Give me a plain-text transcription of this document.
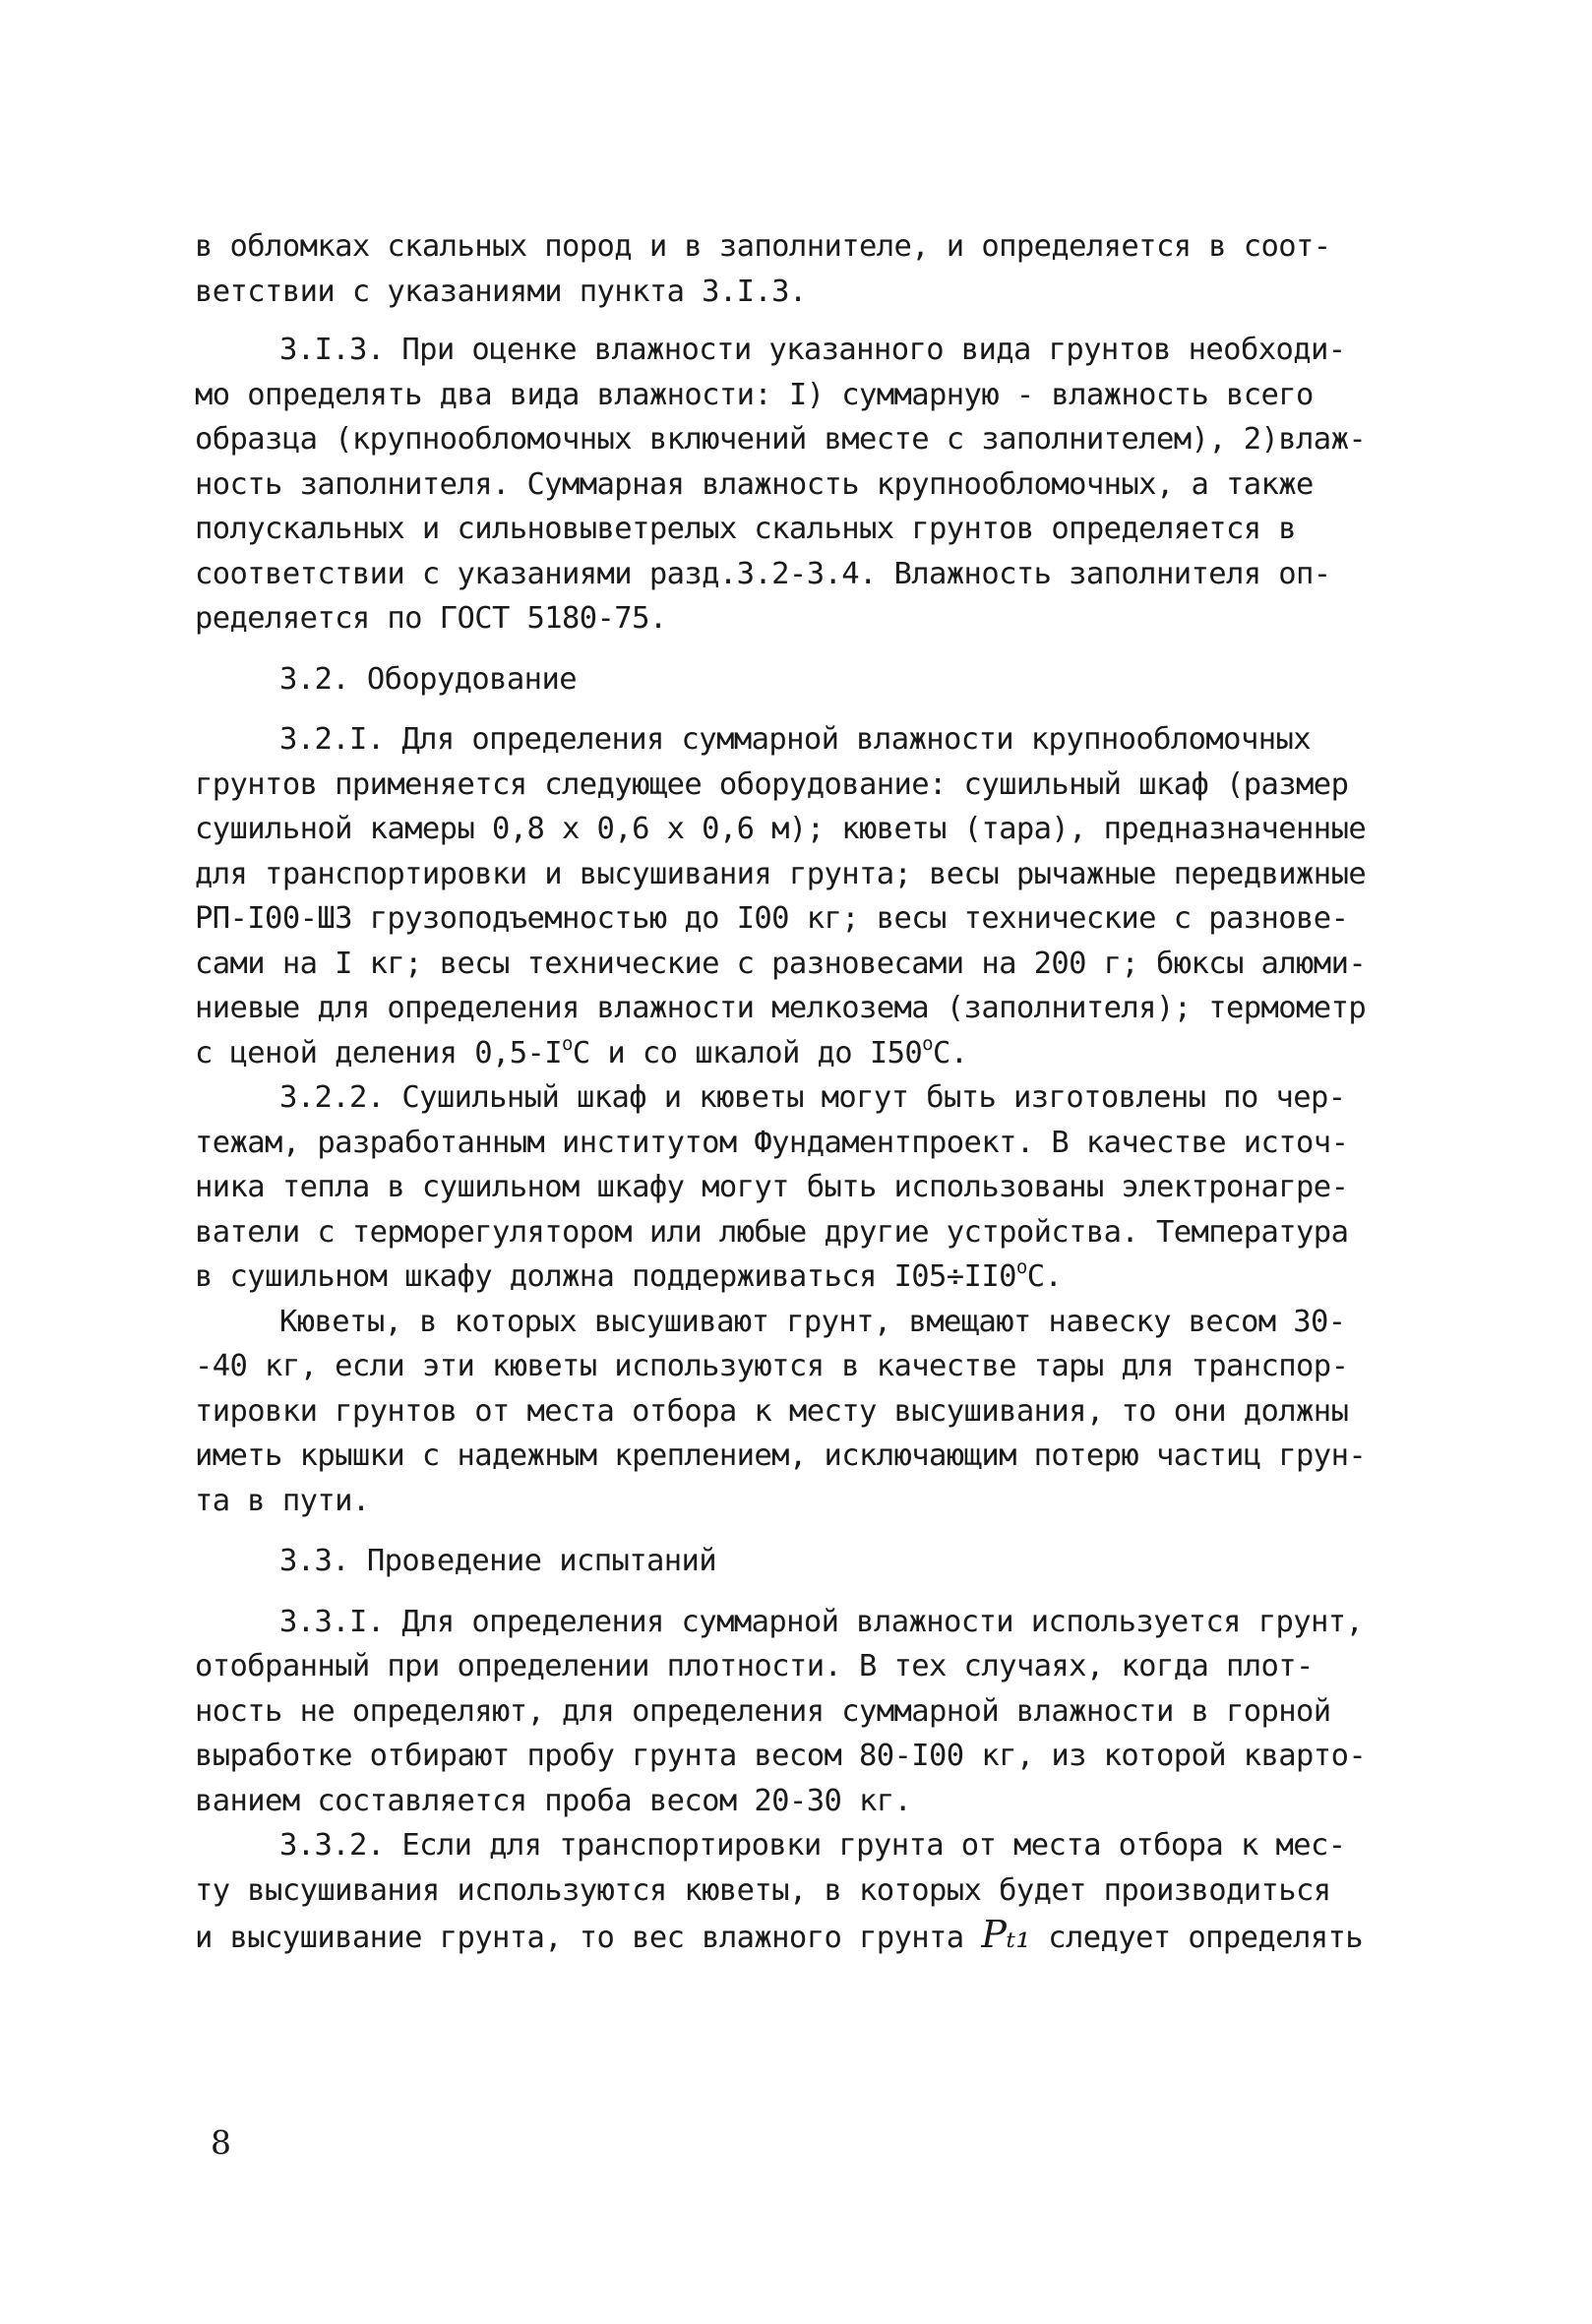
в обломках скальных пород и в заполнителе, и определяется в соот-
ветствии с указаниями пункта 3.I.3.
3.I.3. При оценке влажности указанного вида грунтов необходи-
мо определять два вида влажности: I) суммарную - влажность всего
образца (крупнообломочных включений вместе с заполнителем), 2)влаж-
ность заполнителя. Суммарная влажность крупнообломочных, а также
полускальных и сильновыветрелых скальных грунтов определяется в
соответствии с указаниями разд.3.2-3.4. Влажность заполнителя оп-
ределяется по ГОСТ 5180-75.
3.2. Оборудование
3.2.I. Для определения суммарной влажности крупнообломочных
грунтов применяется следующее оборудование: сушильный шкаф (размер
сушильной камеры 0,8 х 0,6 х 0,6 м); кюветы (тара), предназначенные
для транспортировки и высушивания грунта; весы рычажные передвижные
РП-I00-ШЗ грузоподъемностью до I00 кг; весы технические с разнове-
сами на I кг; весы технические с разновесами на 200 г; бюксы алюми-
ниевые для определения влажности мелкозема (заполнителя); термометр
с ценой деления $0,5-I^оС$ и со шкалой до $I50^оС$.
3.2.2. Сушильный шкаф и кюветы могут быть изготовлены по чер-
тежам, разработанным институтом Фундаментпроект. В качестве источ-
ника тепла в сушильном шкафу могут быть использованы электронагре-
ватели с терморегулятором или любые другие устройства. Температура
в сушильном шкафу должна поддерживаться $I05\div II0^оС$.
Кюветы, в которых высушивают грунт, вмещают навеску весом 30-
-40 кг, если эти кюветы используются в качестве тары для транспор-
тировки грунтов от места отбора к месту высушивания, то они должны
иметь крышки с надежным креплением, исключающим потерю частиц грун-
та в пути.
3.3. Проведение испытаний
3.3.I. Для определения суммарной влажности используется грунт,
отобранный при определении плотности. В тех случаях, когда плот-
ность не определяют, для определения суммарной влажности в горной
выработке отбирают пробу грунта весом 80-I00 кг, из которой кварто-
ванием составляется проба весом 20-30 кг.
3.3.2. Если для транспортировки грунта от места отбора к мес-
ту высушивания используются кюветы, в которых будет производиться
и высушивание грунта, то вес влажного грунта Pₜ₁ следует определять
8
